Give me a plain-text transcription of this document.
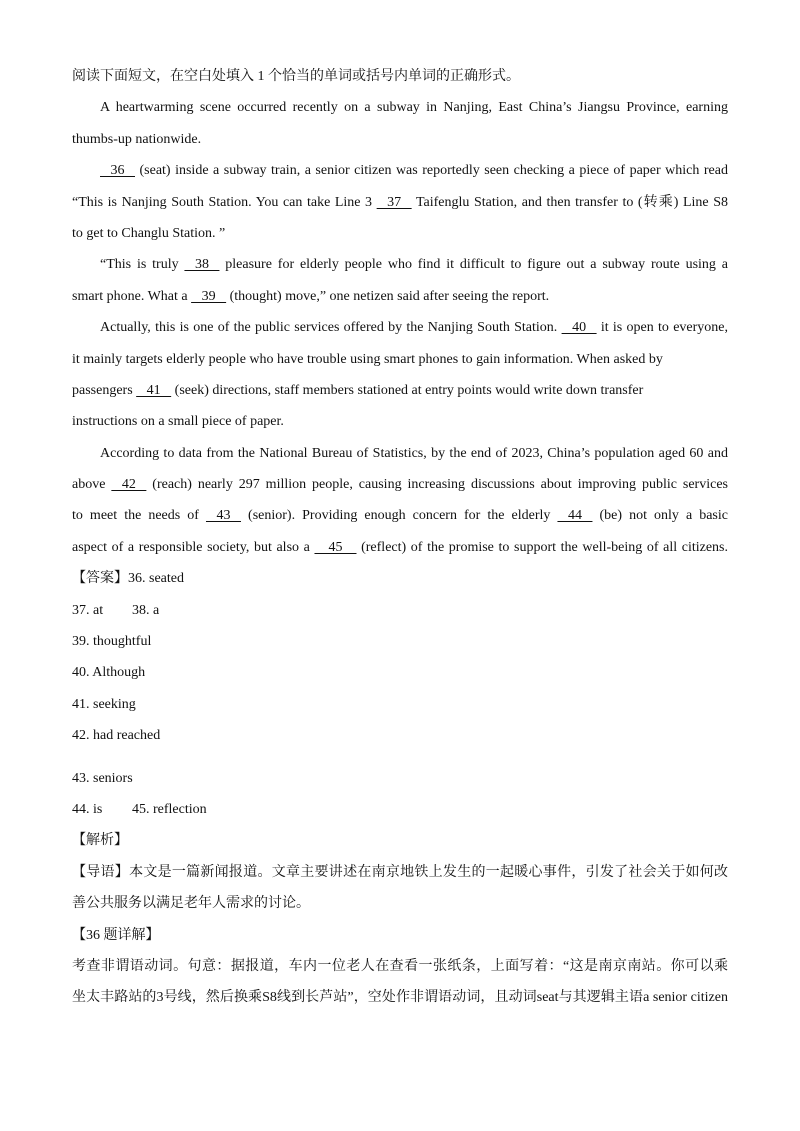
阅读下面短文，在空白处填入 1 个恰当的单词或括号内单词的正确形式。
A heartwarming scene occurred recently on a subway in Nanjing, East China’s Jiangsu Province, earning
thumbs-up nationwide.
36    (seat) inside a subway train, a senior citizen was reportedly seen checking a piece of paper which read
“This is Nanjing South Station. You can take Line 3    37    Taifenglu Station, and then transfer to (转乘) Line S8
to get to Changlu Station. ”
“This is truly    38    pleasure for elderly people who find it difficult to figure out a subway route using a
smart phone. What a    39    (thought) move,” one netizen said after seeing the report.
Actually, this is one of the public services offered by the Nanjing South Station.    40    it is open to everyone,
it mainly targets elderly people who have trouble using smart phones to gain information. When asked by
passengers    41    (seek) directions, staff members stationed at entry points would write down transfer
instructions on a small piece of paper.
According to data from the National Bureau of Statistics, by the end of 2023, China’s population aged 60 and
above    42    (reach) nearly 297 million people, causing increasing discussions about improving public services
to meet the needs of    43    (senior). Providing enough concern for the elderly    44    (be) not only a basic
aspect of a responsible society, but also a     45     (reflect) of the promise to support the well-being of all citizens.
【答案】36. seated
37. at 38. a
39. thoughtful
40. Although
41. seeking
42. had reached
43. seniors
44. is 45. reflection
【解析】
【导语】本文是一篇新闻报道。文章主要讲述在南京地铁上发生的一起暖心事件，引发了社会关于如何改
善公共服务以满足老年人需求的讨论。
【36 题详解】
考查非谓语动词。句意：据报道，车内一位老人在查看一张纸条，上面写着：“这是南京南站。你可以乘
坐太丰路站的3号线，然后换乘S8线到长芦站”，空处作非谓语动词，且动词seat与其逻辑主语a senior citizen
